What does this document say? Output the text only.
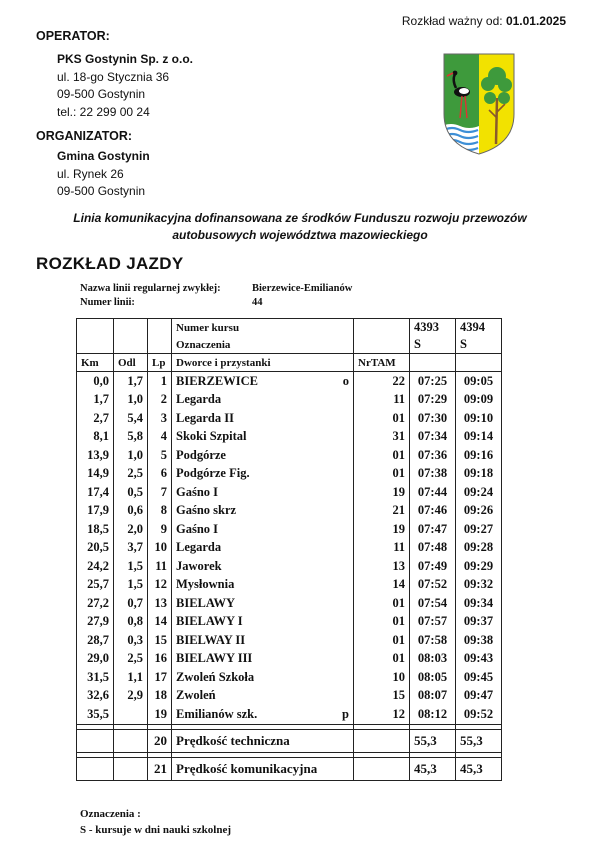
Rozkład ważny od: 01.01.2025
OPERATOR:
PKS Gostynin Sp. z o.o.
ul. 18-go Stycznia 36
09-500 Gostynin
tel.: 22 299 00 24
ORGANIZATOR:
Gmina Gostynin
ul. Rynek 26
09-500 Gostynin
Linia komunikacyjna dofinansowana ze środków Funduszu rozwoju przewozów
autobusowych województwa mazowieckiego
ROZKŁAD JAZDY
Nazwa linii regularnej zwykłej:	Bierzewice-Emilianów
Numer linii:	44
			Numer kursu		4393	4394
			Oznaczenia		S	S
Km	Odl	Lp	Dworce i przystanki	NrTAM		
0,0	1,7	1	BIERZEWICE o	22	07:25	09:05
1,7	1,0	2	Legarda	11	07:29	09:09
2,7	5,4	3	Legarda II	01	07:30	09:10
8,1	5,8	4	Skoki Szpital	31	07:34	09:14
13,9	1,0	5	Podgórze	01	07:36	09:16
14,9	2,5	6	Podgórze Fig.	01	07:38	09:18
17,4	0,5	7	Gaśno I	19	07:44	09:24
17,9	0,6	8	Gaśno skrz	21	07:46	09:26
18,5	2,0	9	Gaśno I	19	07:47	09:27
20,5	3,7	10	Legarda	11	07:48	09:28
24,2	1,5	11	Jaworek	13	07:49	09:29
25,7	1,5	12	Mysłownia	14	07:52	09:32
27,2	0,7	13	BIELAWY	01	07:54	09:34
27,9	0,8	14	BIELAWY I	01	07:57	09:37
28,7	0,3	15	BIELWAY II	01	07:58	09:38
29,0	2,5	16	BIELAWY III	01	08:03	09:43
31,5	1,1	17	Zwoleń Szkoła	10	08:05	09:45
32,6	2,9	18	Zwoleń	15	08:07	09:47
35,5		19	Emilianów szk. p	12	08:12	09:52

		20	Prędkość techniczna		55,3	55,3

		21	Prędkość komunikacyjna		45,3	45,3
Oznaczenia :
S - kursuje w dni nauki szkolnej
